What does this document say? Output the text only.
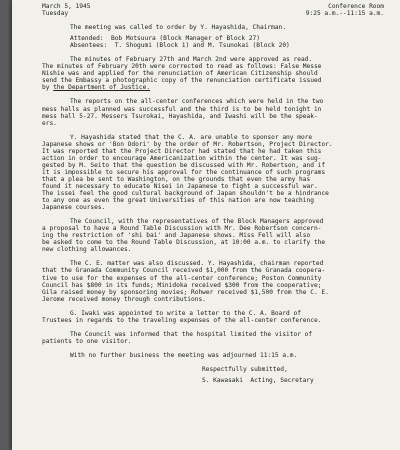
March 5, 1945	Conference Room
Tuesday	9:25 a.m.--11:15 a.m.
The meeting was called to order by Y. Hayashida, Chairman.
Attended:  Bob Motsuura (Block Manager of Block 27)
Absentees:  T. Shogumi (Block 1) and M. Tsunokai (Block 20)
The minutes of February 27th and March 2nd were approved as read.
The minutes of February 20th were corrected to read as follows: False Messe
Nishie was and applied for the renunciation of American Citizenship should
send the Embassy a photographic copy of the renunciation certificate issued
by the Department of Justice.
The reports on the all-center conferences which were held in the two
mess halls as planned was successful and the third is to be held tonight in
mess hall 5-27. Messers Tsurokai, Hayashida, and Iwashi will be the speak-
ers.
Y. Hayashida stated that the C. A. are unable to sponsor any more
Japanese shows or 'Bon Odori' by the order of Mr. Robertson, Project Director.
It was reported that the Project Director had stated that he had taken this
action in order to encourage Americanization within the center. It was sug-
gested by M. Seito that the question be discussed with Mr. Robertson, and if
it is impossible to secure his approval for the continuance of such programs
that a plea be sent to Washington, on the grounds that even the army has
found it necessary to educate Nisei in Japanese to fight a successful war.
The issei feel the good cultural background of Japan shouldn't be a hindrance
to any one as even the great Universities of this nation are now teaching
Japanese courses.
The Council, with the representatives of the Block Managers approved
a proposal to have a Round Table Discussion with Mr. Dee Robertson concern-
ing the restriction of 'shi bai' and Japanese shows. Miss Fell will also
be asked to come to the Round Table Discussion, at 10:00 a.m. to clarify the
new clothing allowances.
The C. E. matter was also discussed. Y. Hayashida, chairman reported
that the Granada Community Council received $1,000 from the Granada coopera-
tive to use for the expenses of the all-center conference; Poston Community
Council has $800 in its funds; Minidoka received $300 from the cooperative;
Gila raised money by sponsoring movies; Rohwer received $1,500 from the C. E.
Jerome received money through contributions.
G. Iwaki was appointed to write a letter to the C. A. Board of
Trustees in regards to the traveling expenses of the all-center conference.
The Council was informed that the hospital limited the visitor of
patients to one visitor.
With no further business the meeting was adjourned 11:15 a.m.
Respectfully submitted,
S. Kawasaki  Acting, Secretary
